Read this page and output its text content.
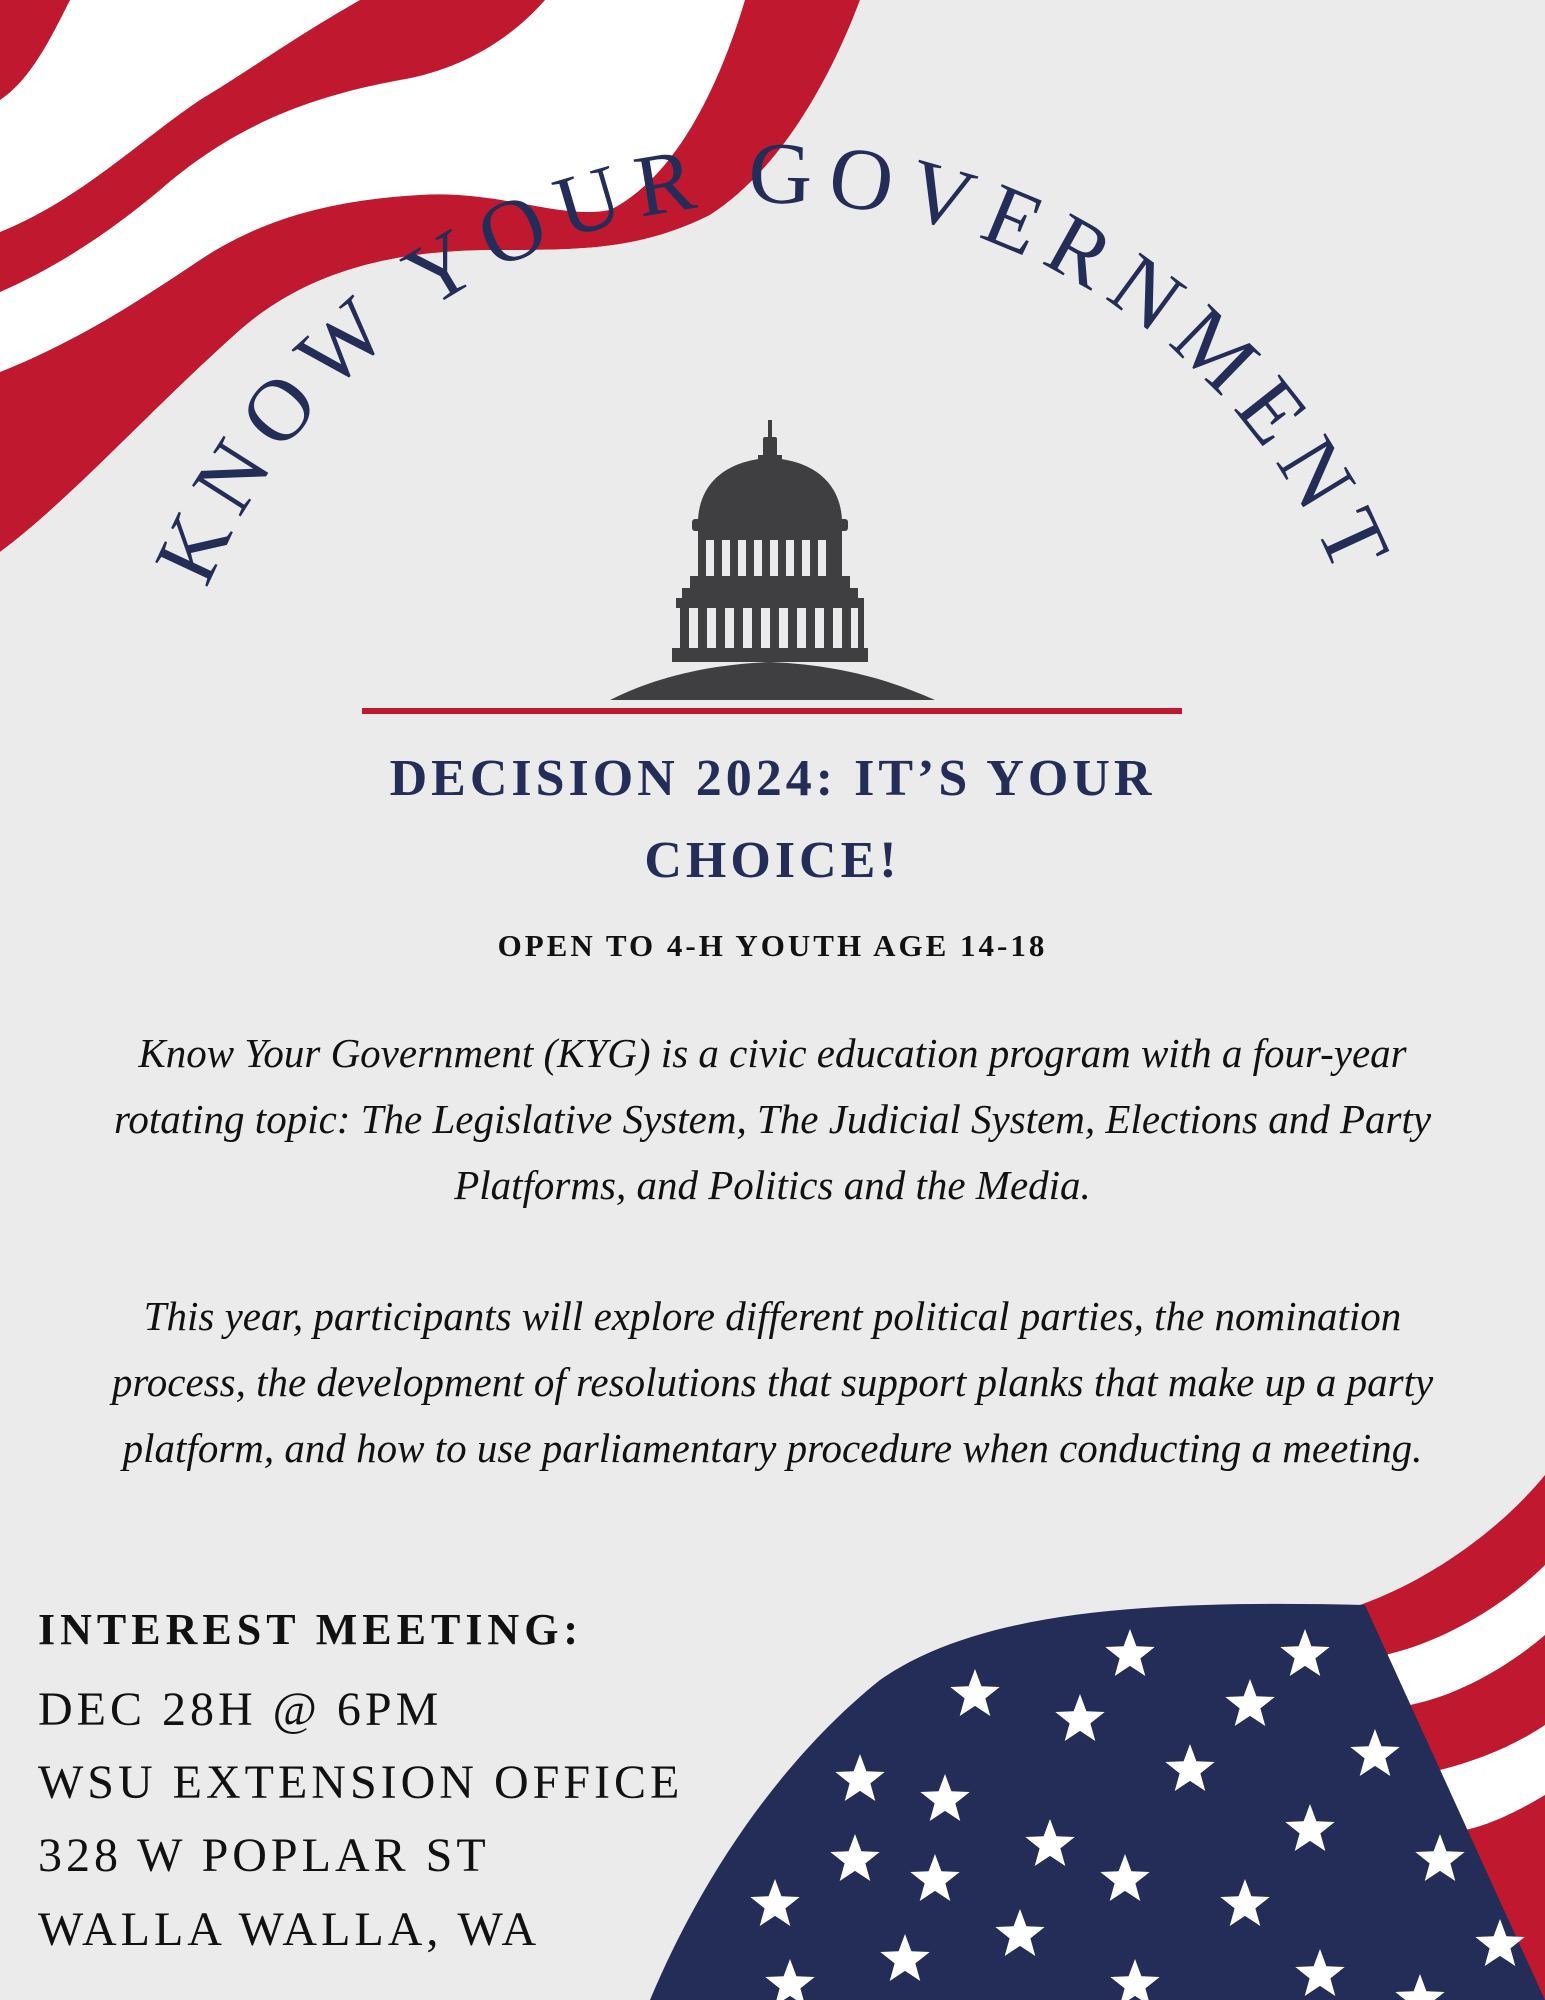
KNOW YOUR GOVERNMENT

DECISION 2024: IT’S YOUR CHOICE!

OPEN TO 4-H YOUTH AGE 14-18

Know Your Government (KYG) is a civic education program with a four-year rotating topic: The Legislative System, The Judicial System, Elections and Party Platforms, and Politics and the Media.

This year, participants will explore different political parties, the nomination process, the development of resolutions that support planks that make up a party platform, and how to use parliamentary procedure when conducting a meeting.

INTEREST MEETING:

DEC 28H @ 6PM

WSU EXTENSION OFFICE

328 W POPLAR ST

WALLA WALLA, WA
